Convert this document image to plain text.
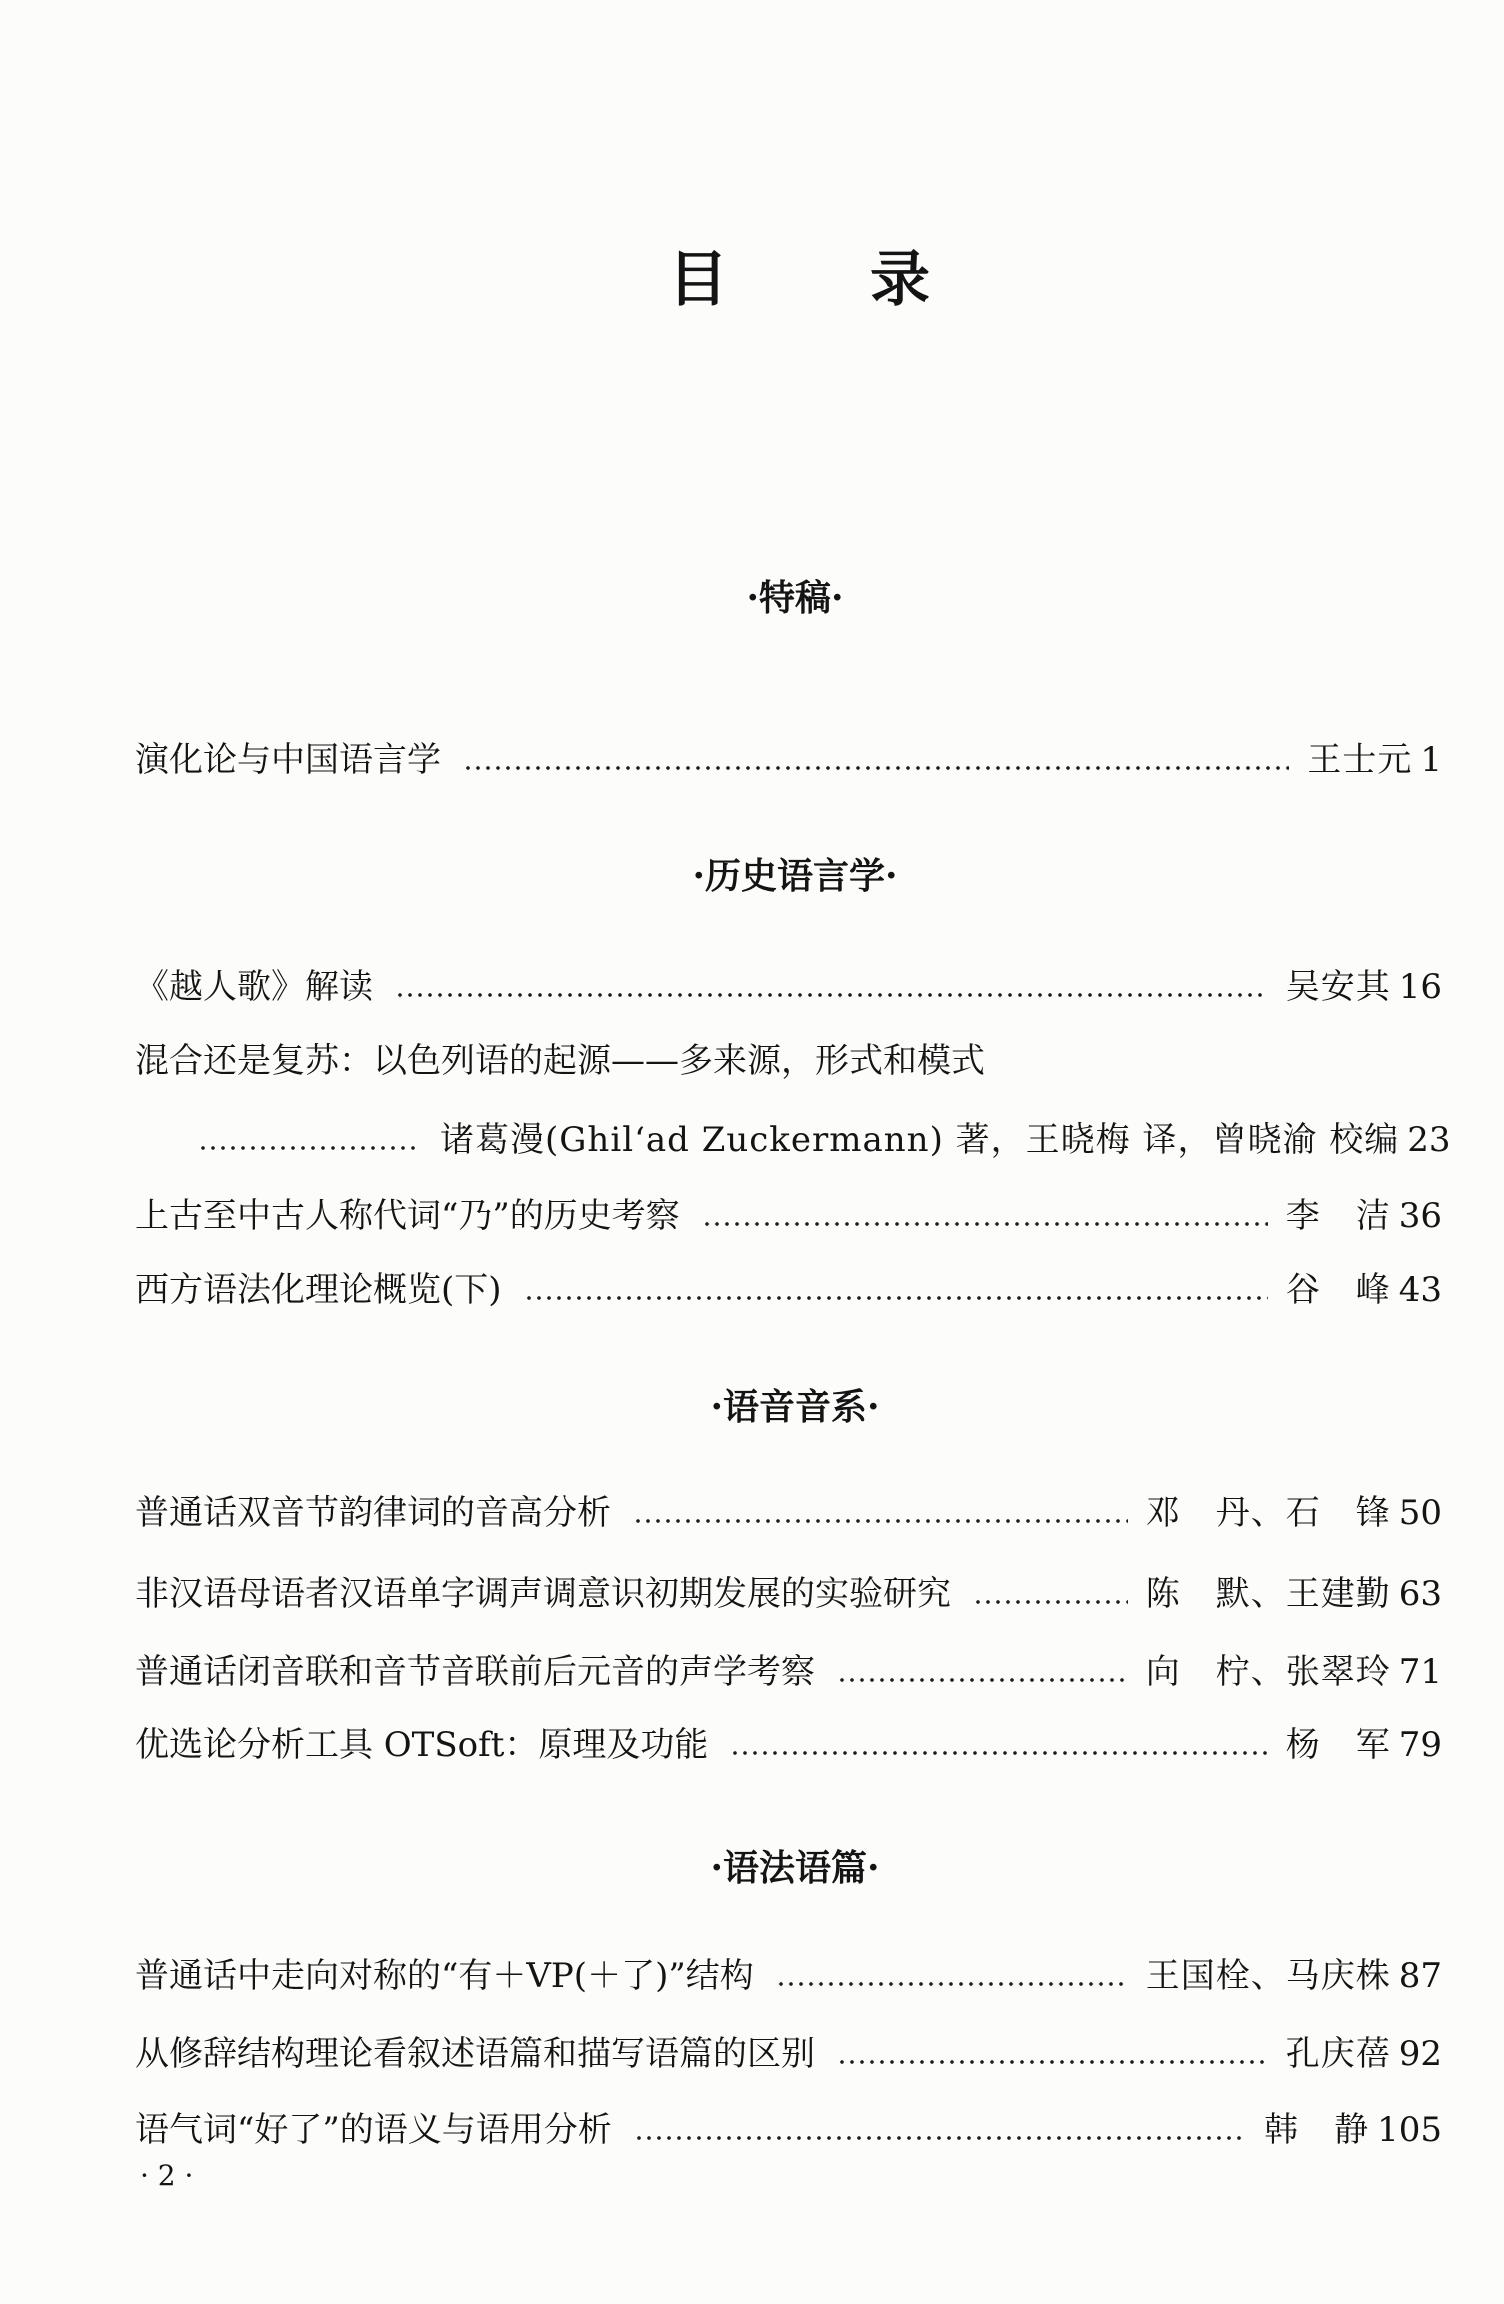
目 录
·特稿·
演化论与中国语言学	王士元 1
·历史语言学·
《越人歌》解读	吴安其 16
混合还是复苏：以色列语的起源——多来源，形式和模式
诸葛漫(Ghil‘ad Zuckermann) 著，王晓梅 译，曾晓渝 校编 23
上古至中古人称代词“乃”的历史考察	李　洁 36
西方语法化理论概览(下)	谷　峰 43
·语音音系·
普通话双音节韵律词的音高分析	邓　丹、石　锋 50
非汉语母语者汉语单字调声调意识初期发展的实验研究	陈　默、王建勤 63
普通话闭音联和音节音联前后元音的声学考察	向　柠、张翠玲 71
优选论分析工具 OTSoft：原理及功能	杨　军 79
·语法语篇·
普通话中走向对称的“有＋VP(＋了)”结构	王国栓、马庆株 87
从修辞结构理论看叙述语篇和描写语篇的区别	孔庆蓓 92
语气词“好了”的语义与语用分析	韩　静 105
· 2 ·
